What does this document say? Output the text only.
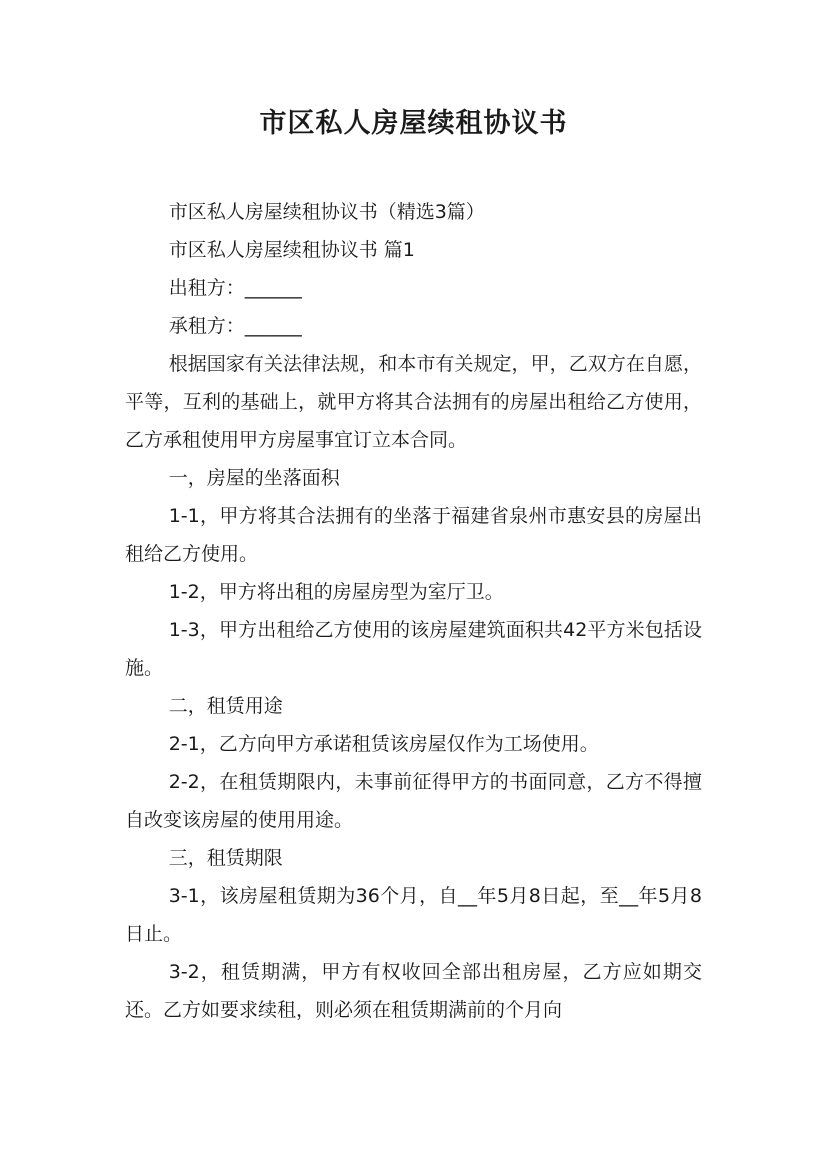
市区私人房屋续租协议书

市区私人房屋续租协议书（精选3篇）

市区私人房屋续租协议书 篇1

出租方：______

承租方：______

根据国家有关法律法规，和本市有关规定，甲，乙双方在自愿，平等，互利的基础上，就甲方将其合法拥有的房屋出租给乙方使用，乙方承租使用甲方房屋事宜订立本合同。

一，房屋的坐落面积

1-1，甲方将其合法拥有的坐落于福建省泉州市惠安县的房屋出租给乙方使用。

1-2，甲方将出租的房屋房型为室厅卫。

1-3，甲方出租给乙方使用的该房屋建筑面积共42平方米包括设施。

二，租赁用途

2-1，乙方向甲方承诺租赁该房屋仅作为工场使用。

2-2，在租赁期限内，未事前征得甲方的书面同意，乙方不得擅自改变该房屋的使用用途。

三，租赁期限

3-1，该房屋租赁期为36个月，自__年5月8日起，至__年5月8日止。

3-2，租赁期满，甲方有权收回全部出租房屋，乙方应如期交还。乙方如要求续租，则必须在租赁期满前的个月向
